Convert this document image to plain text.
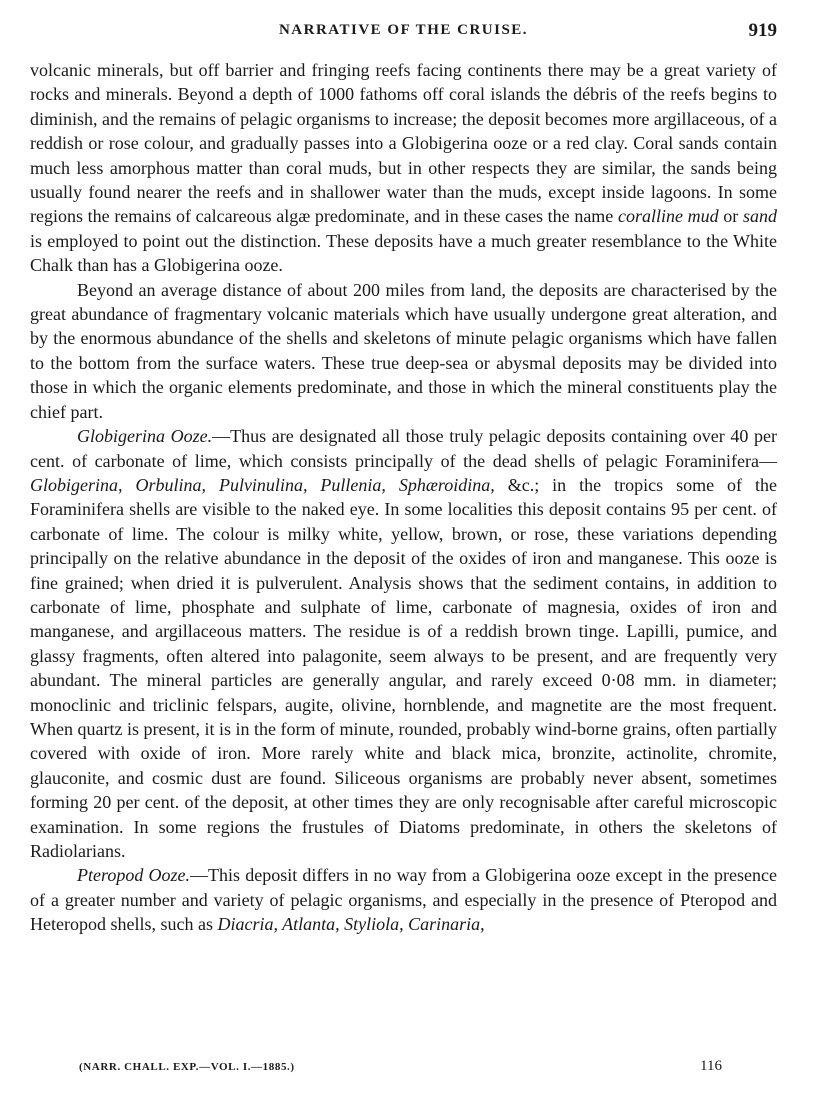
NARRATIVE OF THE CRUISE.	919

volcanic minerals, but off barrier and fringing reefs facing continents there may be a great variety of rocks and minerals. Beyond a depth of 1000 fathoms off coral islands the débris of the reefs begins to diminish, and the remains of pelagic organisms to increase; the deposit becomes more argillaceous, of a reddish or rose colour, and gradually passes into a Globigerina ooze or a red clay. Coral sands contain much less amorphous matter than coral muds, but in other respects they are similar, the sands being usually found nearer the reefs and in shallower water than the muds, except inside lagoons. In some regions the remains of calcareous algæ predominate, and in these cases the name coralline mud or sand is employed to point out the distinction. These deposits have a much greater resemblance to the White Chalk than has a Globigerina ooze.

Beyond an average distance of about 200 miles from land, the deposits are characterised by the great abundance of fragmentary volcanic materials which have usually undergone great alteration, and by the enormous abundance of the shells and skeletons of minute pelagic organisms which have fallen to the bottom from the surface waters. These true deep-sea or abysmal deposits may be divided into those in which the organic elements predominate, and those in which the mineral constituents play the chief part.

Globigerina Ooze.—Thus are designated all those truly pelagic deposits containing over 40 per cent. of carbonate of lime, which consists principally of the dead shells of pelagic Foraminifera—Globigerina, Orbulina, Pulvinulina, Pullenia, Sphæroidina, &c.; in the tropics some of the Foraminifera shells are visible to the naked eye. In some localities this deposit contains 95 per cent. of carbonate of lime. The colour is milky white, yellow, brown, or rose, these variations depending principally on the relative abundance in the deposit of the oxides of iron and manganese. This ooze is fine grained; when dried it is pulverulent. Analysis shows that the sediment contains, in addition to carbonate of lime, phosphate and sulphate of lime, carbonate of magnesia, oxides of iron and manganese, and argillaceous matters. The residue is of a reddish brown tinge. Lapilli, pumice, and glassy fragments, often altered into palagonite, seem always to be present, and are frequently very abundant. The mineral particles are generally angular, and rarely exceed 0·08 mm. in diameter; monoclinic and triclinic felspars, augite, olivine, hornblende, and magnetite are the most frequent. When quartz is present, it is in the form of minute, rounded, probably wind-borne grains, often partially covered with oxide of iron. More rarely white and black mica, bronzite, actinolite, chromite, glauconite, and cosmic dust are found. Siliceous organisms are probably never absent, sometimes forming 20 per cent. of the deposit, at other times they are only recognisable after careful microscopic examination. In some regions the frustules of Diatoms predominate, in others the skeletons of Radiolarians.

Pteropod Ooze.—This deposit differs in no way from a Globigerina ooze except in the presence of a greater number and variety of pelagic organisms, and especially in the presence of Pteropod and Heteropod shells, such as Diacria, Atlanta, Styliola, Carinaria,

(NARR. CHALL. EXP.—VOL. I.—1885.)	116
